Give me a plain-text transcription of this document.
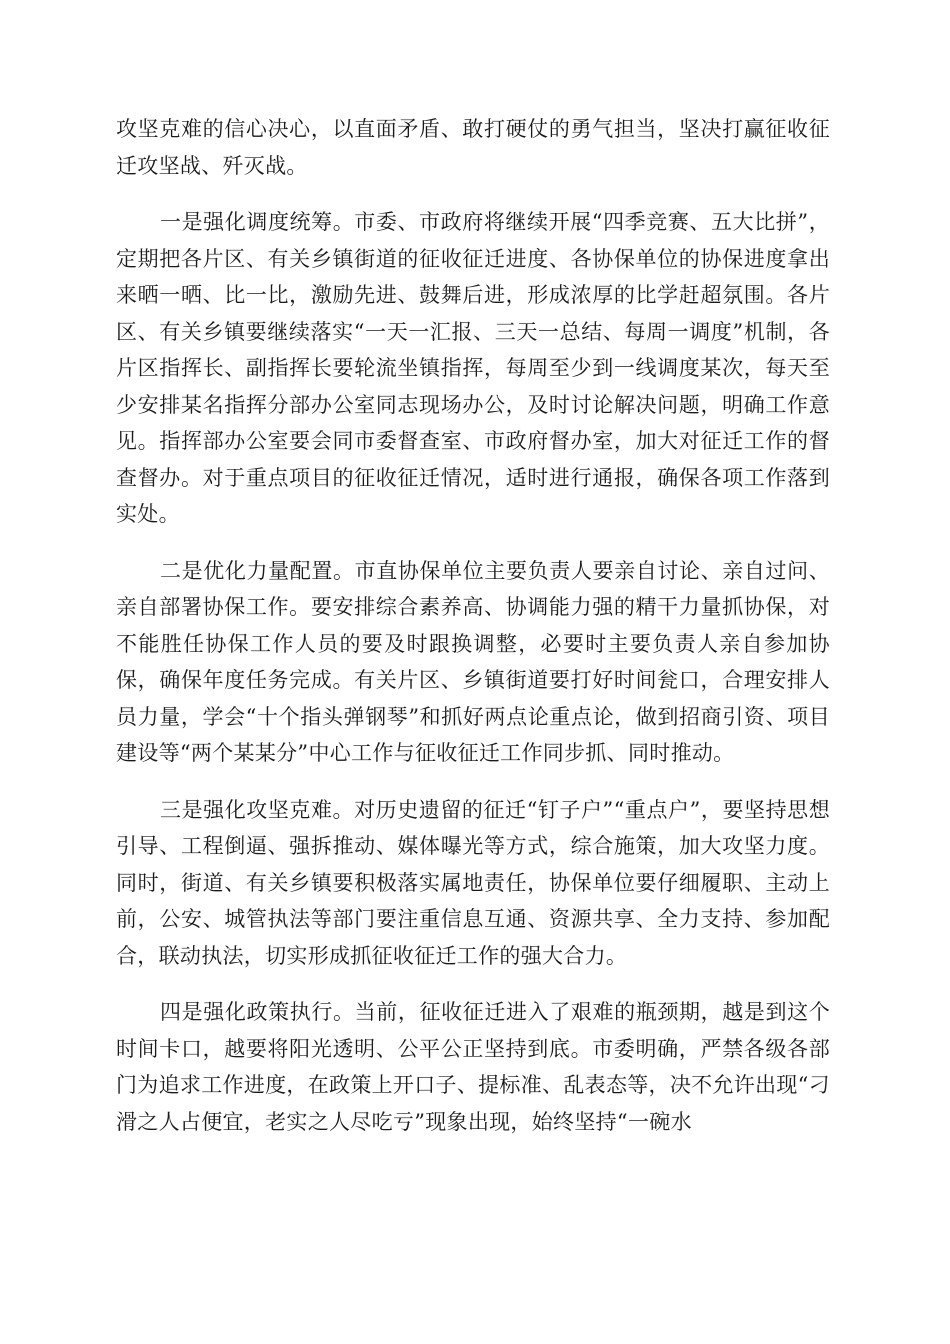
攻坚克难的信心决心，以直面矛盾、敢打硬仗的勇气担当，坚决打赢征收征迁攻坚战、歼灭战。

一是强化调度统筹。市委、市政府将继续开展“四季竞赛、五大比拼”，定期把各片区、有关乡镇街道的征收征迁进度、各协保单位的协保进度拿出来晒一晒、比一比，激励先进、鼓舞后进，形成浓厚的比学赶超氛围。各片区、有关乡镇要继续落实“一天一汇报、三天一总结、每周一调度”机制，各片区指挥长、副指挥长要轮流坐镇指挥，每周至少到一线调度某次，每天至少安排某名指挥分部办公室同志现场办公，及时讨论解决问题，明确工作意见。指挥部办公室要会同市委督查室、市政府督办室，加大对征迁工作的督查督办。对于重点项目的征收征迁情况，适时进行通报，确保各项工作落到实处。

二是优化力量配置。市直协保单位主要负责人要亲自讨论、亲自过问、亲自部署协保工作。要安排综合素养高、协调能力强的精干力量抓协保，对不能胜任协保工作人员的要及时跟换调整，必要时主要负责人亲自参加协保，确保年度任务完成。有关片区、乡镇街道要打好时间瓮口，合理安排人员力量，学会“十个指头弹钢琴”和抓好两点论重点论，做到招商引资、项目建设等“两个某某分”中心工作与征收征迁工作同步抓、同时推动。

三是强化攻坚克难。对历史遗留的征迁“钉子户”“重点户”，要坚持思想引导、工程倒逼、强拆推动、媒体曝光等方式，综合施策，加大攻坚力度。同时，街道、有关乡镇要积极落实属地责任，协保单位要仔细履职、主动上前，公安、城管执法等部门要注重信息互通、资源共享、全力支持、参加配合，联动执法，切实形成抓征收征迁工作的强大合力。

四是强化政策执行。当前，征收征迁进入了艰难的瓶颈期，越是到这个时间卡口，越要将阳光透明、公平公正坚持到底。市委明确，严禁各级各部门为追求工作进度，在政策上开口子、提标准、乱表态等，决不允许出现“刁滑之人占便宜，老实之人尽吃亏”现象出现，始终坚持“一碗水
